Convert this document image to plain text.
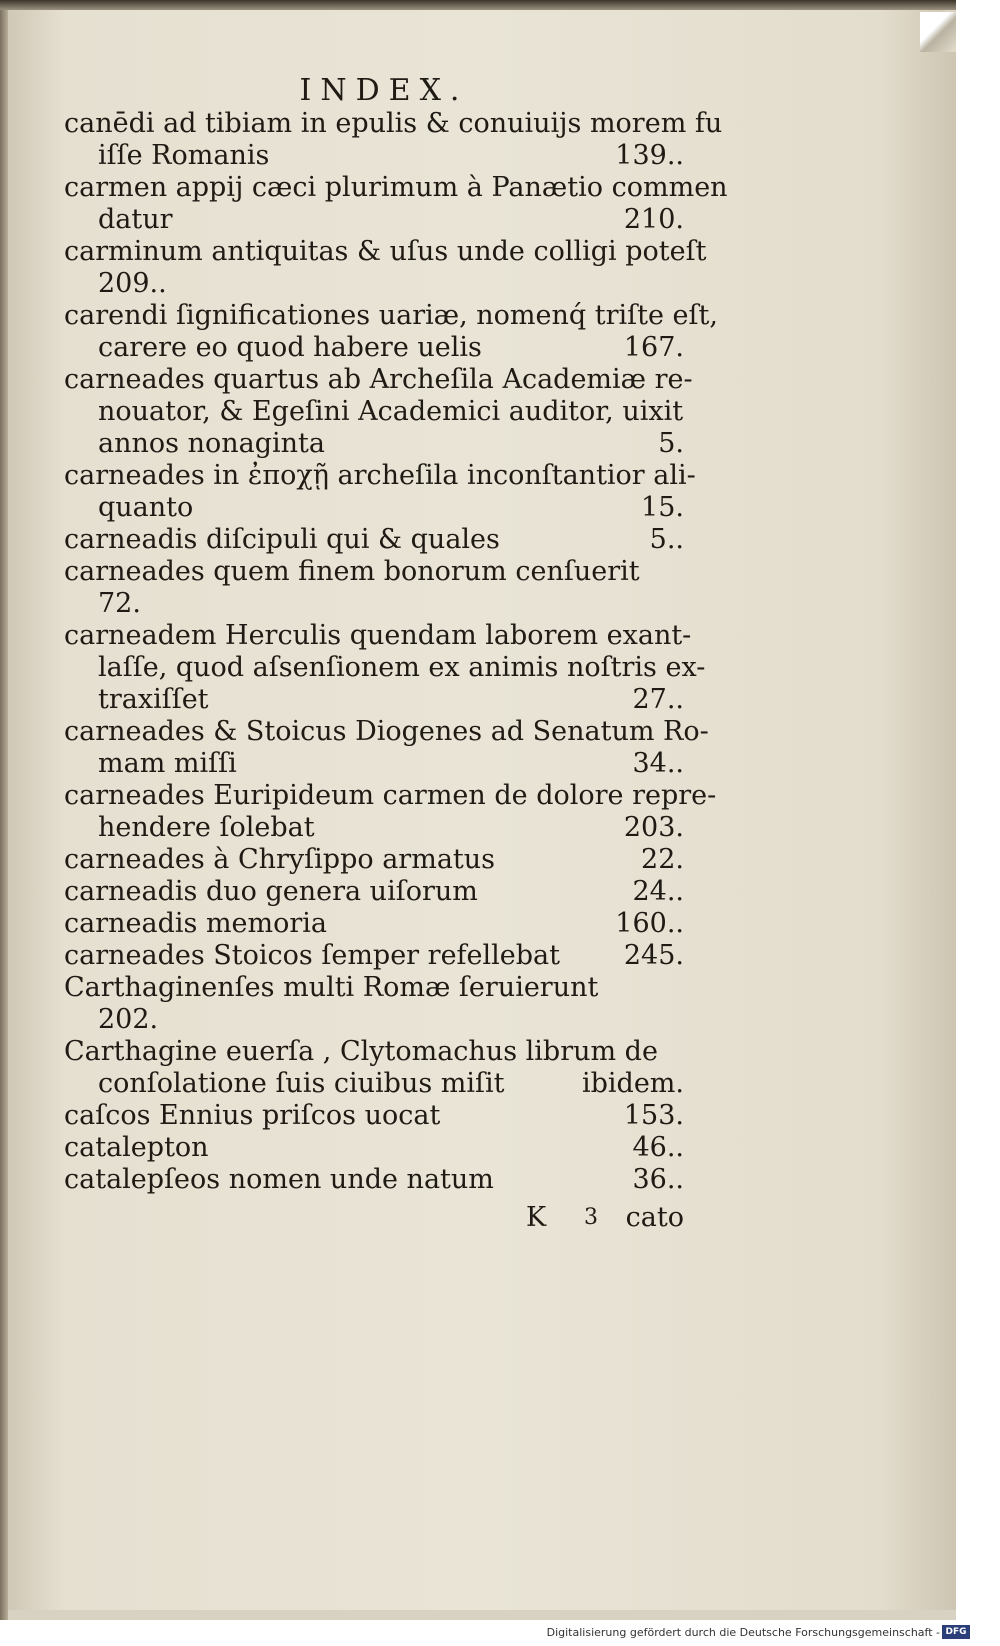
INDEX.
canēdi ad tibiam in epulis & conuiuijs morem fu
iſſe Romanis	139..
carmen appij cæci plurimum à Panætio commen
datur	210.
carminum antiquitas & uſus unde colligi poteſt
209..
carendi ſignificationes uariæ, nomenq́ triſte eſt,
carere eo quod habere uelis	167.
carneades quartus ab Archeſila Academiæ re-
nouator, & Egeſini Academici auditor, uixit
annos nonaginta	5.
carneades in ἐποχῇ archeſila inconſtantior ali-
quanto	15.
carneadis diſcipuli qui & quales	5..
carneades quem finem bonorum cenſuerit
72.
carneadem Herculis quendam laborem exant-
laſſe, quod aſsenſionem ex animis noſtris ex-
traxiſſet	27..
carneades & Stoicus Diogenes ad Senatum Ro-
mam miſſi	34..
carneades Euripideum carmen de dolore repre-
hendere ſolebat	203.
carneades à Chryſippo armatus	22.
carneadis duo genera uiſorum	24..
carneadis memoria	160..
carneades Stoicos ſemper refellebat 245.
Carthaginenſes multi Romæ ſeruierunt
202.
Carthagine euerſa , Clytomachus librum de
conſolatione ſuis ciuibus miſit	ibidem.
caſcos Ennius priſcos uocat	153.
catalepton	46..
catalepſeos nomen unde natum	36..
K 3 cato
Digitalisierung gefördert durch die Deutsche Forschungsgemeinschaft - DFG
